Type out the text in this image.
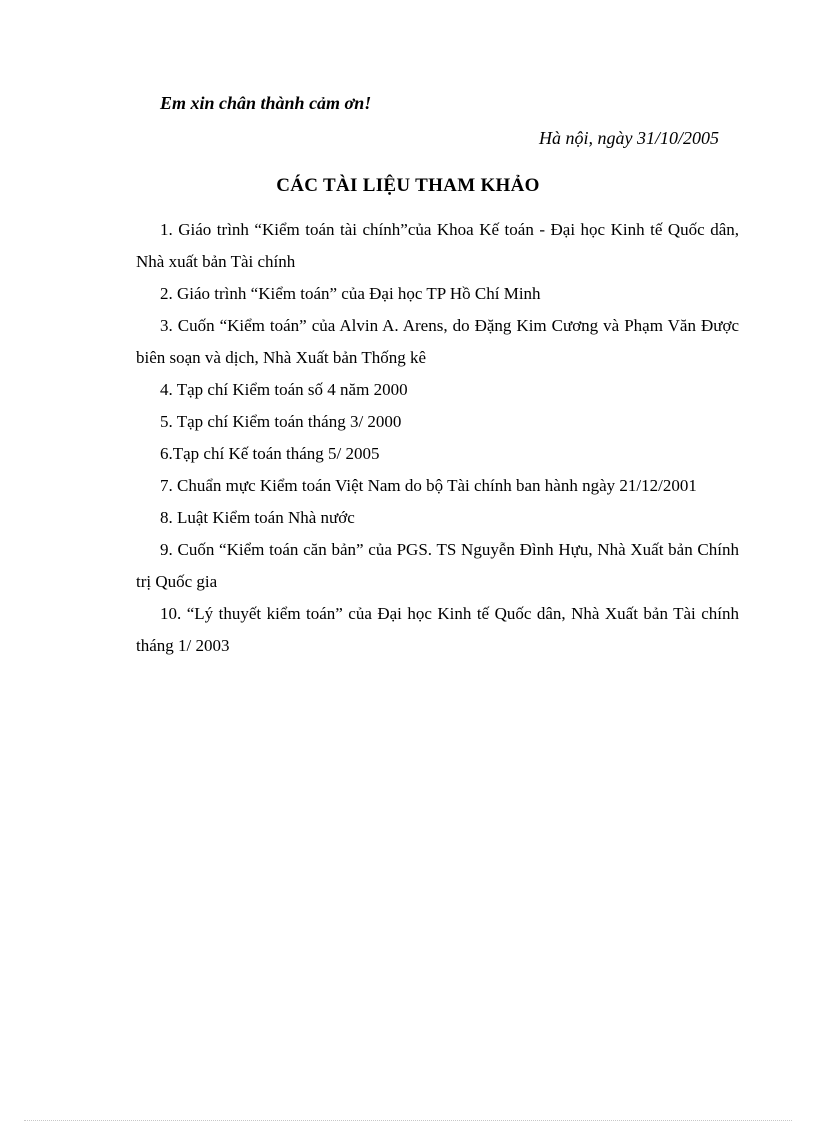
Em xin chân thành cảm ơn!

Hà nội, ngày 31/10/2005

CÁC TÀI LIỆU THAM KHẢO
1. Giáo trình “Kiểm toán tài chính”của Khoa Kế toán - Đại học Kinh tế Quốc dân, Nhà xuất bản Tài chính
2. Giáo trình “Kiểm toán” của Đại học TP Hồ Chí Minh
3. Cuốn “Kiểm toán” của Alvin A. Arens, do Đặng Kim Cương và Phạm Văn Được biên soạn và dịch, Nhà Xuất bản Thống kê
4. Tạp chí Kiểm toán số 4 năm 2000
5. Tạp chí Kiểm toán tháng 3/ 2000
6.Tạp chí Kế toán tháng 5/ 2005
7. Chuẩn mực Kiểm toán Việt Nam do bộ Tài chính ban hành ngày 21/12/2001
8. Luật Kiểm toán Nhà nước
9. Cuốn “Kiểm toán căn bản” của PGS. TS Nguyễn Đình Hựu, Nhà Xuất bản Chính trị Quốc gia
10. “Lý thuyết kiểm toán” của Đại học Kinh tế Quốc dân, Nhà Xuất bản Tài chính tháng 1/ 2003
